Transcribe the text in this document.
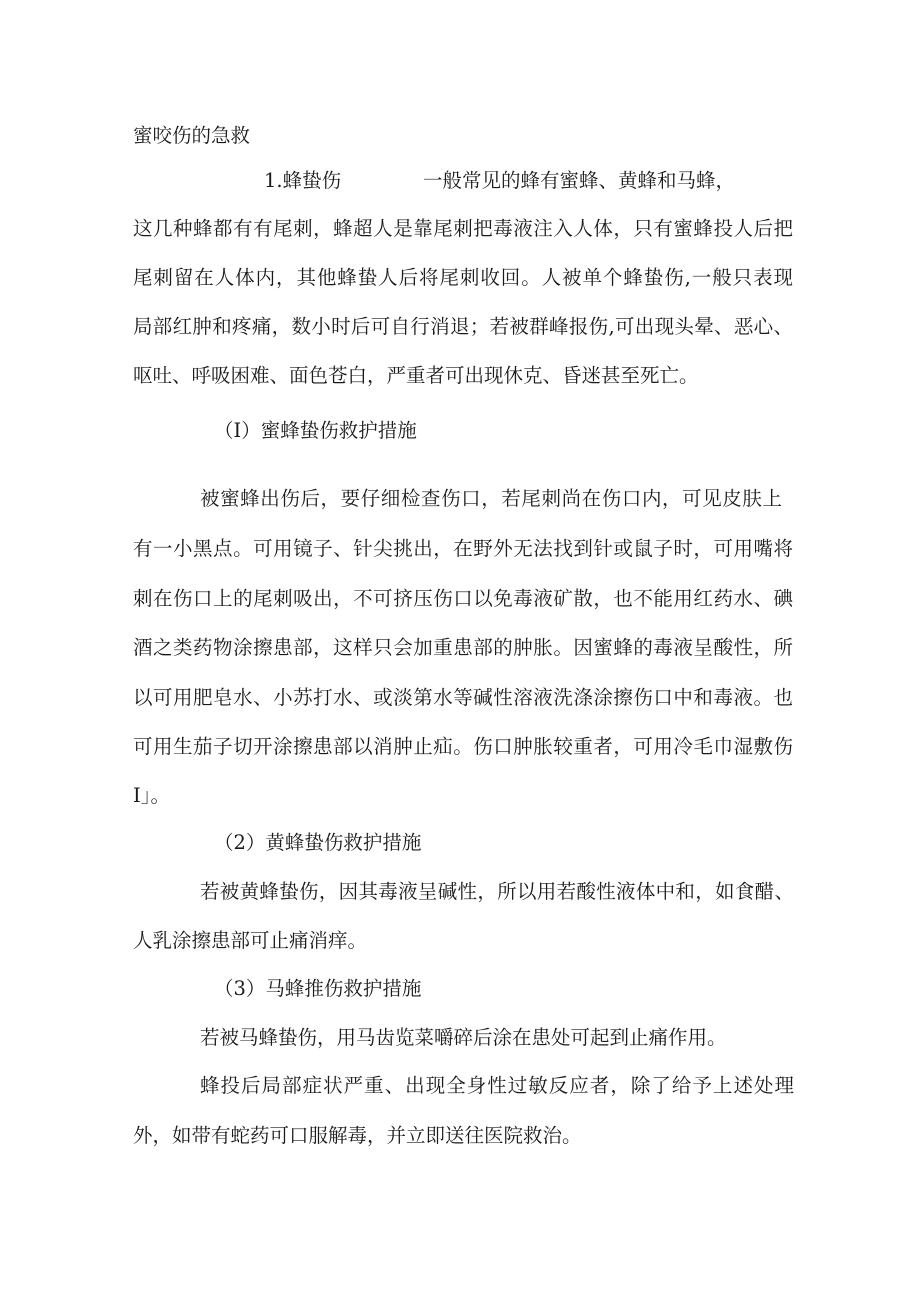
蜜咬伤的急救
1.蜂蛰伤	一般常见的蜂有蜜蜂、黄蜂和马蜂，
这几种蜂都有有尾刺，蜂超人是靠尾刺把毒液注入人体，只有蜜蜂投人后把
尾刺留在人体内，其他蜂蛰人后将尾刺收回。人被单个蜂蛰伤,一般只表现
局部红肿和疼痛，数小时后可自行消退；若被群峰报伤,可出现头晕、恶心、
呕吐、呼吸困难、面色苍白，严重者可出现休克、昏迷甚至死亡。
（I）蜜蜂蛰伤救护措施
被蜜蜂出伤后，要仔细检查伤口，若尾刺尚在伤口内，可见皮肤上
有一小黑点。可用镜子、针尖挑出，在野外无法找到针或鼠子时，可用嘴将
刺在伤口上的尾刺吸出，不可挤压伤口以免毒液矿散，也不能用红药水、碘
酒之类药物涂擦患部，这样只会加重患部的肿胀。因蜜蜂的毒液呈酸性，所
以可用肥皂水、小苏打水、或淡第水等碱性溶液洗涤涂擦伤口中和毒液。也
可用生茄子切开涂擦患部以消肿止疝。伤口肿胀较重者，可用冷毛巾湿敷伤
I」。
（2）黄蜂蛰伤救护措施
若被黄蜂蛰伤，因其毒液呈碱性，所以用若酸性液体中和，如食醋、
人乳涂擦患部可止痛消痒。
（3）马蜂推伤救护措施
若被马蜂蛰伤，用马齿览菜嚼碎后涂在患处可起到止痛作用。
蜂投后局部症状严重、出现全身性过敏反应者，除了给予上述处理
外，如带有蛇药可口服解毒，并立即送往医院救治。
